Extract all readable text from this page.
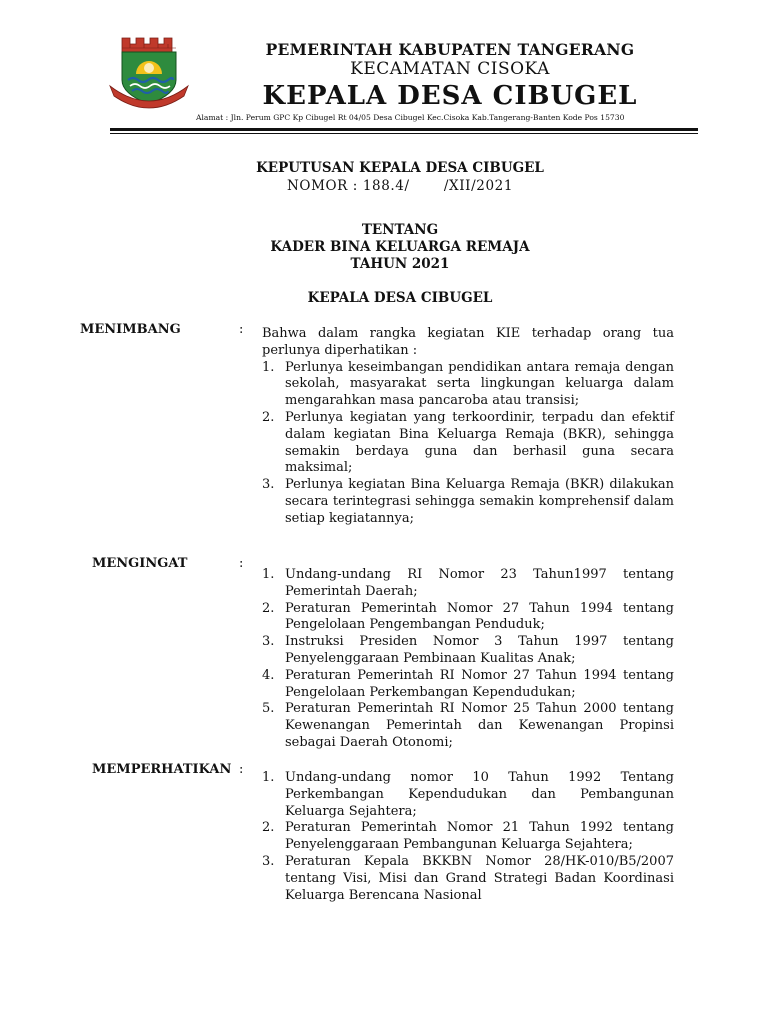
PEMERINTAH KABUPATEN TANGERANG
KECAMATAN CISOKA
KEPALA DESA CIBUGEL
Alamat : Jln. Perum GPC Kp Cibugel Rt 04/05 Desa Cibugel Kec.Cisoka Kab.Tangerang-Banten Kode Pos 15730
KEPUTUSAN KEPALA DESA CIBUGEL
NOMOR : 188.4/       /XII/2021
TENTANG
KADER BINA KELUARGA REMAJA
TAHUN 2021
KEPALA DESA CIBUGEL
MENIMBANG	: Bahwa dalam rangka kegiatan KIE terhadap orang tua perlunya diperhatikan :

1. Perlunya keseimbangan pendidikan antara remaja dengan sekolah, masyarakat serta lingkungan keluarga dalam mengarahkan masa pancaroba atau transisi;
2. Perlunya kegiatan yang terkoordinir, terpadu dan efektif dalam kegiatan Bina Keluarga Remaja (BKR), sehingga semakin berdaya guna dan berhasil guna secara maksimal;
3. Perlunya kegiatan Bina Keluarga Remaja (BKR) dilakukan secara terintegrasi sehingga semakin komprehensif dalam setiap kegiatannya;
MENGINGAT	:
1. Undang-undang RI Nomor 23 Tahun1997 tentang Pemerintah Daerah;
2. Peraturan Pemerintah Nomor 27 Tahun 1994 tentang Pengelolaan Pengembangan Penduduk;
3. Instruksi Presiden Nomor 3 Tahun 1997 tentang Penyelenggaraan Pembinaan Kualitas Anak;
4. Peraturan Pemerintah RI Nomor 27 Tahun 1994 tentang Pengelolaan Perkembangan Kependudukan;
5. Peraturan Pemerintah RI Nomor 25 Tahun 2000 tentang Kewenangan Pemerintah dan Kewenangan Propinsi sebagai Daerah Otonomi;
MEMPERHATIKAN :
1. Undang-undang nomor 10 Tahun 1992 Tentang Perkembangan Kependudukan dan Pembangunan Keluarga Sejahtera;
2. Peraturan Pemerintah Nomor 21 Tahun 1992 tentang Penyelenggaraan Pembangunan Keluarga Sejahtera;
3. Peraturan Kepala BKKBN Nomor 28/HK-010/B5/2007 tentang Visi, Misi dan Grand Strategi Badan Koordinasi Keluarga Berencana Nasional
